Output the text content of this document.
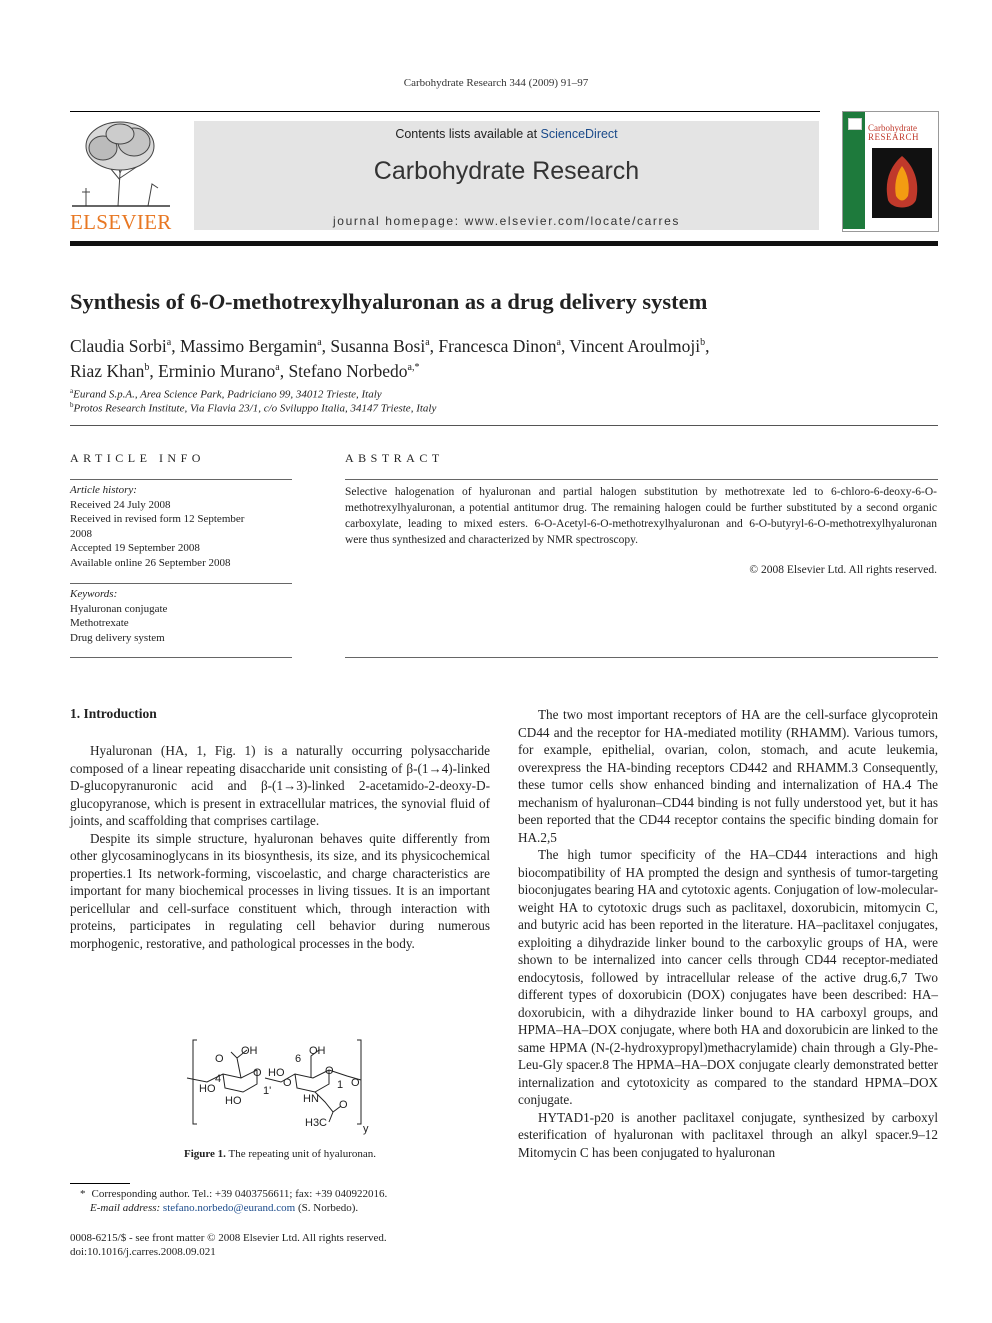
Carbohydrate Research 344 (2009) 91–97
ELSEVIER
Contents lists available at ScienceDirect
Carbohydrate Research
journal homepage: www.elsevier.com/locate/carres
Carbohydrate
RESEARCH
Synthesis of 6-O-methotrexylhyaluronan as a drug delivery system
Claudia Sorbi$^a$, Massimo Bergamin$^a$, Susanna Bosi$^a$, Francesca Dinon$^a$, Vincent Aroulmoji$^b$,
Riaz Khan$^b$, Erminio Murano$^a$, Stefano Norbedo$^{a,*}$
$^a$Eurand S.p.A., Area Science Park, Padriciano 99, 34012 Trieste, Italy
$^b$Protos Research Institute, Via Flavia 23/1, c/o Sviluppo Italia, 34147 Trieste, Italy
ARTICLE INFO
Article history:
Received 24 July 2008
Received in revised form 12 September
2008
Accepted 19 September 2008
Available online 26 September 2008
Keywords:
Hyaluronan conjugate
Methotrexate
Drug delivery system
ABSTRACT
Selective halogenation of hyaluronan and partial halogen substitution by methotrexate led to 6-chloro-6-deoxy-6-O-methotrexylhyaluronan, a potential antitumor drug. The remaining halogen could be further substituted by a second organic carboxylate, leading to mixed esters. 6-O-Acetyl-6-O-methotrexylhyaluronan and 6-O-butyryl-6-O-methotrexylhyaluronan were thus synthesized and characterized by NMR spectroscopy.
© 2008 Elsevier Ltd. All rights reserved.
1. Introduction

Hyaluronan (HA, 1, Fig. 1) is a naturally occurring polysaccharide composed of a linear repeating disaccharide unit consisting of β-(1→4)-linked D-glucopyranuronic acid and β-(1→3)-linked 2-acetamido-2-deoxy-D-glucopyranose, which is present in extracellular matrices, the synovial fluid of joints, and scaffolding that comprises cartilage.

Despite its simple structure, hyaluronan behaves quite differently from other glycosaminoglycans in its biosynthesis, its size, and its physicochemical properties.1 Its network-forming, viscoelastic, and charge characteristics are important for many biochemical processes in living tissues. It is an important pericellular and cell-surface constituent which, through interaction with proteins, participates in regulating cell behavior during numerous morphogenic, restorative, and pathological processes in the body.

O
OH
4
HO
O
HO
1'
HO
O
6
OH
O
1 O
HN O
H3C	y
Figure 1. The repeating unit of hyaluronan.
* Corresponding author. Tel.: +39 0403756611; fax: +39 040922016.
E-mail address: stefano.norbedo@eurand.com (S. Norbedo).
0008-6215/$ - see front matter © 2008 Elsevier Ltd. All rights reserved.
doi:10.1016/j.carres.2008.09.021

The two most important receptors of HA are the cell-surface glycoprotein CD44 and the receptor for HA-mediated motility (RHAMM). Various tumors, for example, epithelial, ovarian, colon, stomach, and acute leukemia, overexpress the HA-binding receptors CD442 and RHAMM.3 Consequently, these tumor cells show enhanced binding and internalization of HA.4 The mechanism of hyaluronan–CD44 binding is not fully understood yet, but it has been reported that the CD44 receptor contains the specific binding domain for HA.2,5

The high tumor specificity of the HA–CD44 interactions and high biocompatibility of HA prompted the design and synthesis of tumor-targeting bioconjugates bearing HA and cytotoxic agents. Conjugation of low-molecular-weight HA to cytotoxic drugs such as paclitaxel, doxorubicin, mitomycin C, and butyric acid has been reported in the literature. HA–paclitaxel conjugates, exploiting a dihydrazide linker bound to the carboxylic groups of HA, were shown to be internalized into cancer cells through CD44 receptor-mediated endocytosis, followed by intracellular release of the active drug.6,7 Two different types of doxorubicin (DOX) conjugates have been described: HA–doxorubicin, with a dihydrazide linker bound to HA carboxyl groups, and HPMA–HA–DOX conjugate, where both HA and doxorubicin are linked to the same HPMA (N-(2-hydroxypropyl)methacrylamide) chain through a Gly-Phe-Leu-Gly spacer.8 The HPMA–HA–DOX conjugate clearly demonstrated better internalization and cytotoxicity as compared to the standard HPMA–DOX conjugate.

HYTAD1-p20 is another paclitaxel conjugate, synthesized by carboxyl esterification of hyaluronan with paclitaxel through an alkyl spacer.9–12 Mitomycin C has been conjugated to hyaluronan
